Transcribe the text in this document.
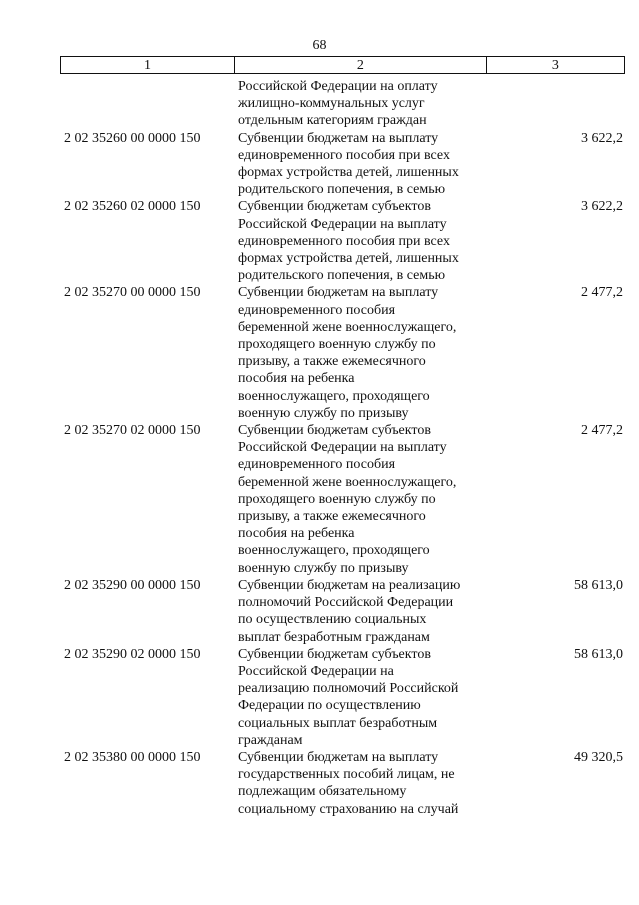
68
1	2	3
Российской Федерации на оплату
жилищно-коммунальных услуг
отдельным категориям граждан
2 02 35260 00 0000 150	Субвенции бюджетам на выплату
единовременного пособия при всех
формах устройства детей, лишенных
родительского попечения, в семью
3 622,2
2 02 35260 02 0000 150	Субвенции бюджетам субъектов
Российской Федерации на выплату
единовременного пособия при всех
формах устройства детей, лишенных
родительского попечения, в семью
3 622,2
2 02 35270 00 0000 150	Субвенции бюджетам на выплату
единовременного пособия
беременной жене военнослужащего,
проходящего военную службу по
призыву, а также ежемесячного
пособия на ребенка
военнослужащего, проходящего
военную службу по призыву
2 477,2
2 02 35270 02 0000 150	Субвенции бюджетам субъектов
Российской Федерации на выплату
единовременного пособия
беременной жене военнослужащего,
проходящего военную службу по
призыву, а также ежемесячного
пособия на ребенка
военнослужащего, проходящего
военную службу по призыву
2 477,2
2 02 35290 00 0000 150	Субвенции бюджетам на реализацию
полномочий Российской Федерации
по осуществлению социальных
выплат безработным гражданам
58 613,0
2 02 35290 02 0000 150	Субвенции бюджетам субъектов
Российской Федерации на
реализацию полномочий Российской
Федерации по осуществлению
социальных выплат безработным
гражданам
58 613,0
2 02 35380 00 0000 150	Субвенции бюджетам на выплату
государственных пособий лицам, не
подлежащим обязательному
социальному страхованию на случай
49 320,5
